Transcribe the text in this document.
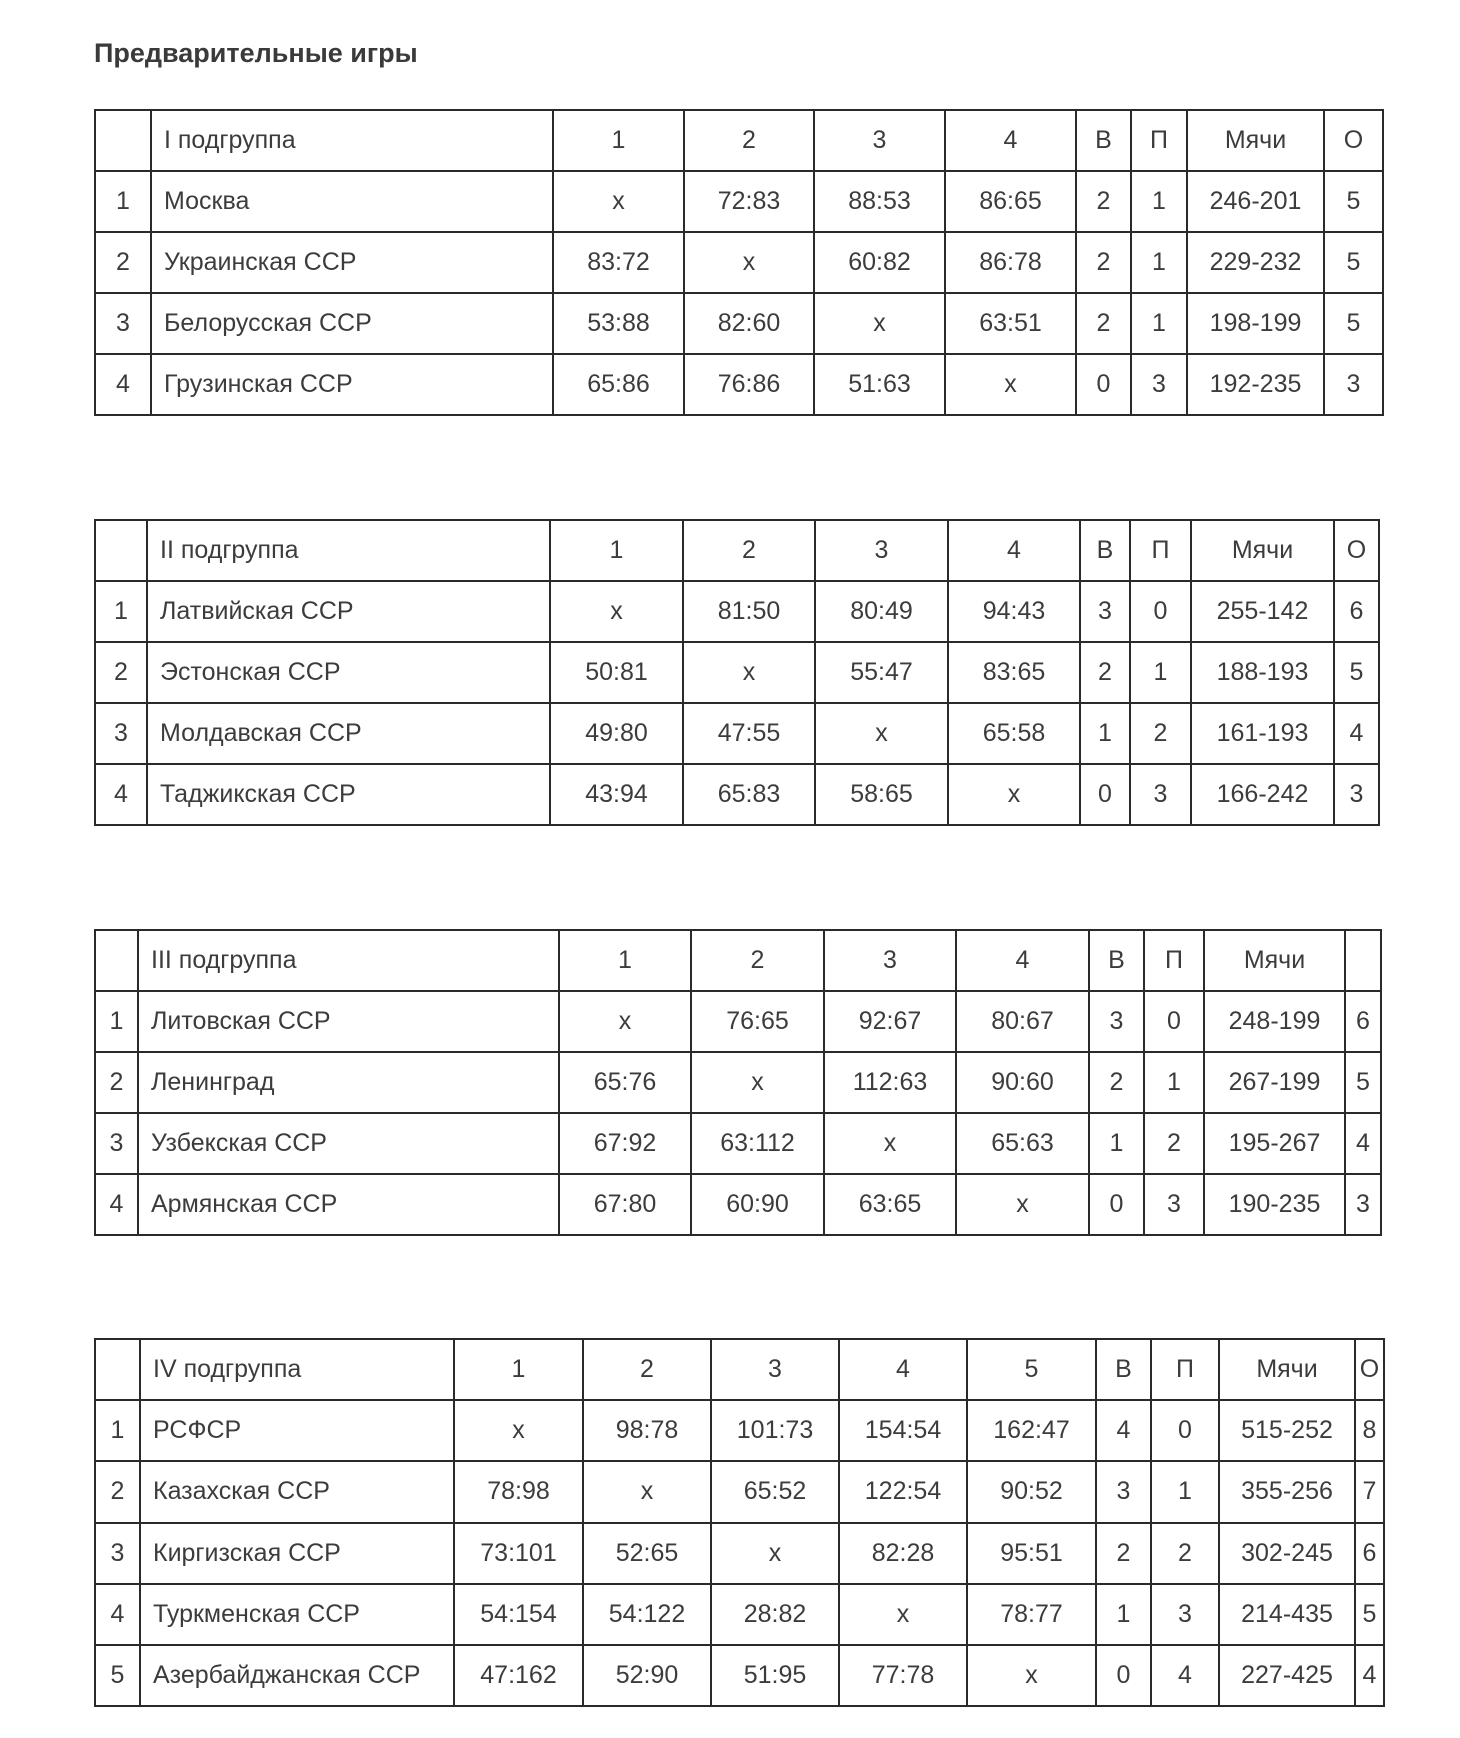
Предварительные игры
	I подгруппа	1	2	3	4	В	П	Мячи	О
1	Москва	x	72:83	88:53	86:65	2	1	246-201	5
2	Украинская ССР	83:72	x	60:82	86:78	2	1	229-232	5
3	Белорусская ССР	53:88	82:60	x	63:51	2	1	198-199	5
4	Грузинская ССР	65:86	76:86	51:63	x	0	3	192-235	3
	II подгруппа	1	2	3	4	В	П	Мячи	О
1	Латвийская ССР	x	81:50	80:49	94:43	3	0	255-142	6
2	Эстонская ССР	50:81	x	55:47	83:65	2	1	188-193	5
3	Молдавская ССР	49:80	47:55	x	65:58	1	2	161-193	4
4	Таджикская ССР	43:94	65:83	58:65	x	0	3	166-242	3
	III подгруппа	1	2	3	4	В	П	Мячи	
1	Литовская ССР	x	76:65	92:67	80:67	3	0	248-199	6
2	Ленинград	65:76	x	112:63	90:60	2	1	267-199	5
3	Узбекская ССР	67:92	63:112	x	65:63	1	2	195-267	4
4	Армянская ССР	67:80	60:90	63:65	x	0	3	190-235	3
	IV подгруппа	1	2	3	4	5	В	П	Мячи	О
1	РСФСР	x	98:78	101:73	154:54	162:47	4	0	515-252	8
2	Казахская ССР	78:98	x	65:52	122:54	90:52	3	1	355-256	7
3	Киргизская ССР	73:101	52:65	x	82:28	95:51	2	2	302-245	6
4	Туркменская ССР	54:154	54:122	28:82	x	78:77	1	3	214-435	5
5	Азербайджанская ССР	47:162	52:90	51:95	77:78	x	0	4	227-425	4
